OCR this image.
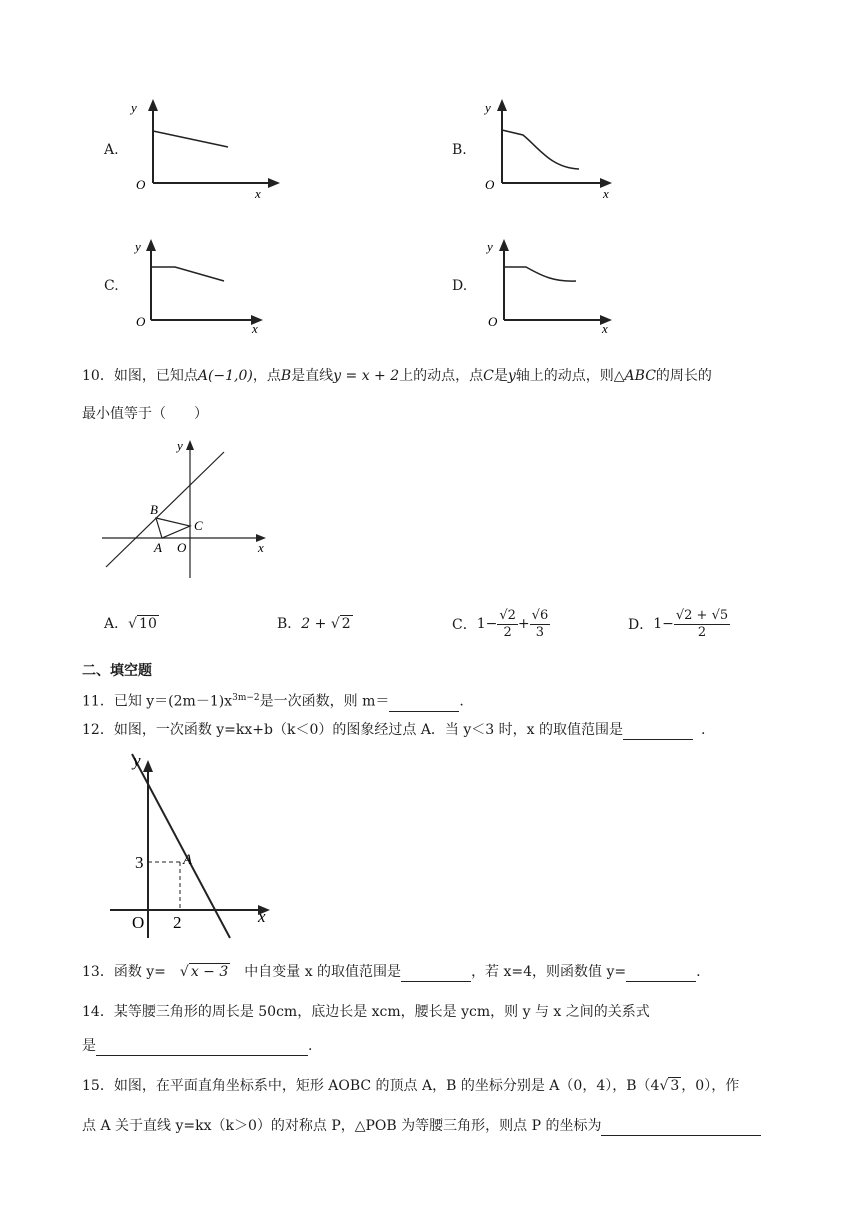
A.
y
x
O
B.
y
x
O
C.
y
x
O
D.
y
x
O
10．如图，已知点A(−1,0)，点B是直线y = x + 2上的动点，点C是y轴上的动点，则△ABC的周长的
最小值等于（　　）
y
x
B
C
A O
A．√ 10	B．2 + √ 2	C． $1- \frac{√2}{2} + \frac{√6}{3}$	D． $1- \frac{√2 + √5}{2}$
二、填空题
11．已知 $y=(2m-1)x^{3m-2}$是一次函数，则 m＝	.
12．如图，一次函数 y=kx+b（k＜0）的图象经过点 A．当 y＜3 时，x 的取值范围是	.
y
x
O
A
3
2
13．函数 y= √ x − 3 中自变量 x 的取值范围是	，若 x=4，则函数值 y=	.
14．某等腰三角形的周长是 50cm，底边长是 xcm，腰长是 ycm，则 y 与 x 之间的关系式
是	.
15．如图，在平面直角坐标系中，矩形 AOBC 的顶点 A，B 的坐标分别是 A（0，4），B（4√ 3 ，0），作
点 A 关于直线 y=kx（k＞0）的对称点 P，△POB 为等腰三角形，则点 P 的坐标为
